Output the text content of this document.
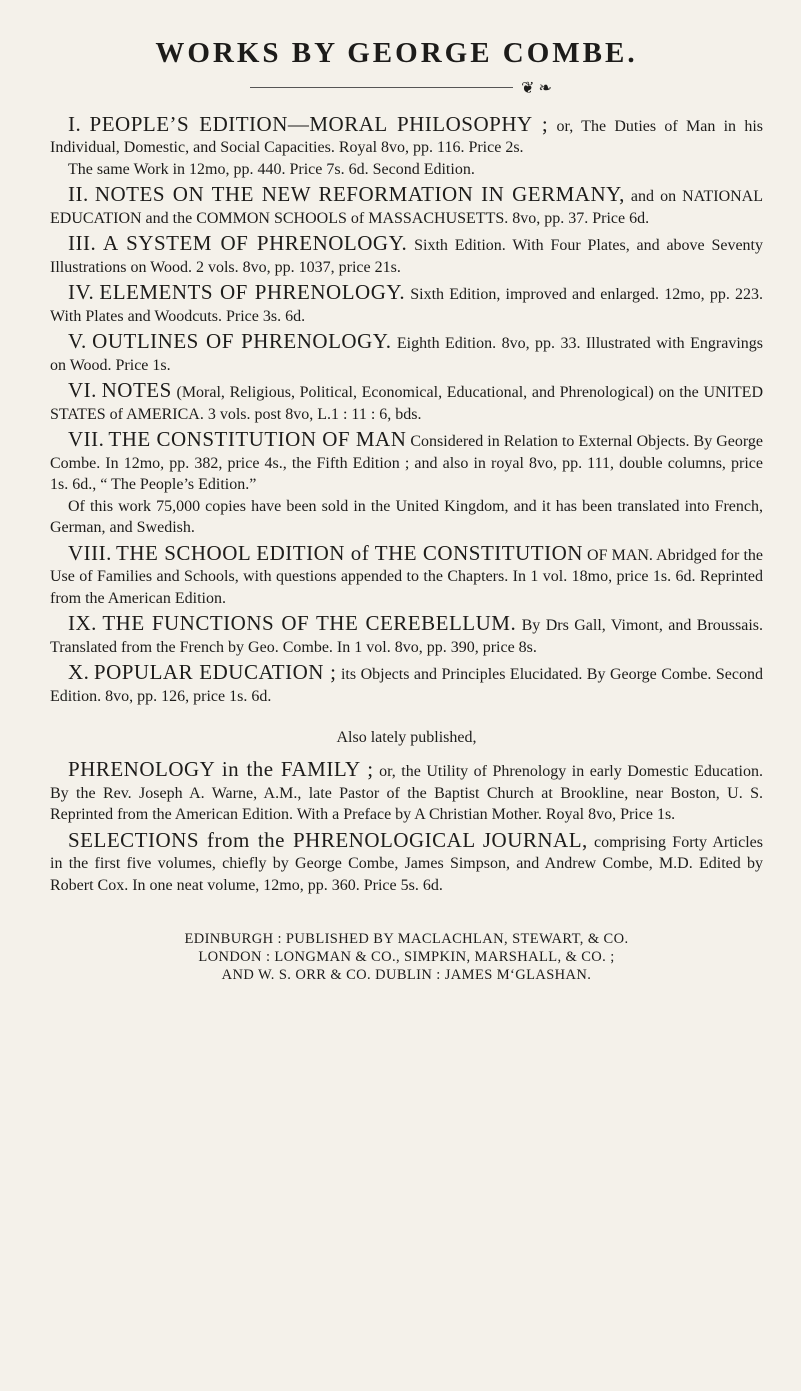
WORKS BY GEORGE COMBE.
❦ ❧
I. PEOPLE’S EDITION—MORAL PHILOSOPHY ; or, The Duties of Man in his Individual, Domestic, and Social Capacities. Royal 8vo, pp. 116. Price 2s.

The same Work in 12mo, pp. 440. Price 7s. 6d. Second Edition.

II. NOTES ON THE NEW REFORMATION IN GERMANY, and on NATIONAL EDUCATION and the COMMON SCHOOLS of MASSACHUSETTS. 8vo, pp. 37. Price 6d.
III. A SYSTEM OF PHRENOLOGY. Sixth Edition. With Four Plates, and above Seventy Illustrations on Wood. 2 vols. 8vo, pp. 1037, price 21s.
IV. ELEMENTS OF PHRENOLOGY. Sixth Edition, improved and enlarged. 12mo, pp. 223. With Plates and Woodcuts. Price 3s. 6d.
V. OUTLINES OF PHRENOLOGY. Eighth Edition. 8vo, pp. 33. Illustrated with Engravings on Wood. Price 1s.
VI. NOTES (Moral, Religious, Political, Economical, Educational, and Phrenological) on the UNITED STATES of AMERICA. 3 vols. post 8vo, L.1 : 11 : 6, bds.
VII. THE CONSTITUTION OF MAN Considered in Relation to External Objects. By George Combe. In 12mo, pp. 382, price 4s., the Fifth Edition ; and also in royal 8vo, pp. 111, double columns, price 1s. 6d., “ The People’s Edition.”

Of this work 75,000 copies have been sold in the United Kingdom, and it has been translated into French, German, and Swedish.

VIII. THE SCHOOL EDITION of THE CONSTITUTION OF MAN. Abridged for the Use of Families and Schools, with questions appended to the Chapters. In 1 vol. 18mo, price 1s. 6d. Reprinted from the American Edition.
IX. THE FUNCTIONS OF THE CEREBELLUM. By Drs Gall, Vimont, and Broussais. Translated from the French by Geo. Combe. In 1 vol. 8vo, pp. 390, price 8s.
X. POPULAR EDUCATION ; its Objects and Principles Elucidated. By George Combe. Second Edition. 8vo, pp. 126, price 1s. 6d.
Also lately published,
PHRENOLOGY in the FAMILY ; or, the Utility of Phrenology in early Domestic Education. By the Rev. Joseph A. Warne, A.M., late Pastor of the Baptist Church at Brookline, near Boston, U. S. Reprinted from the American Edition. With a Preface by A Christian Mother. Royal 8vo, Price 1s.
SELECTIONS from the PHRENOLOGICAL JOURNAL, comprising Forty Articles in the first five volumes, chiefly by George Combe, James Simpson, and Andrew Combe, M.D. Edited by Robert Cox. In one neat volume, 12mo, pp. 360. Price 5s. 6d.
EDINBURGH : PUBLISHED BY MACLACHLAN, STEWART, & CO.
LONDON : LONGMAN & CO., SIMPKIN, MARSHALL, & CO. ;
AND W. S. ORR & CO. DUBLIN : JAMES M‘GLASHAN.
